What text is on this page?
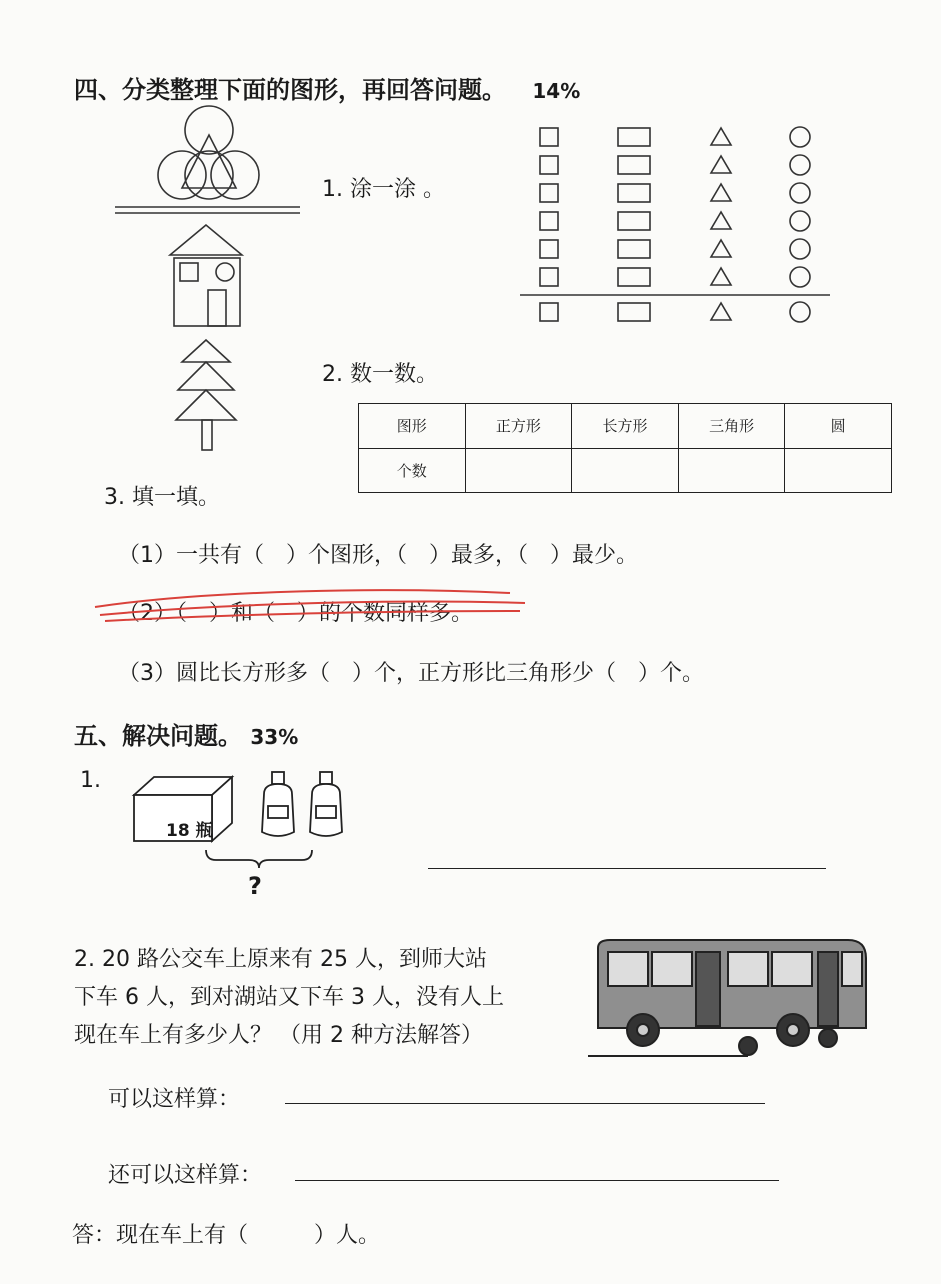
四、分类整理下面的图形，再回答问题。 14%
1. 涂一涂 。
2. 数一数。
图形	正方形	长方形	三角形	圆
个数				
3. 填一填。
（1）一共有（　）个图形，（　）最多，（　）最少。
（2）（　）和（　）的个数同样多。
（3）圆比长方形多（　）个，正方形比三角形少（　）个。
五、解决问题。 33%
1.
18 瓶
?
2. 20 路公交车上原来有 25 人，到师大站
下车 6 人，到对湖站又下车 3 人，没有人上
现在车上有多少人？ （用 2 种方法解答）
可以这样算：
还可以这样算：
答：现在车上有（　　　）人。
